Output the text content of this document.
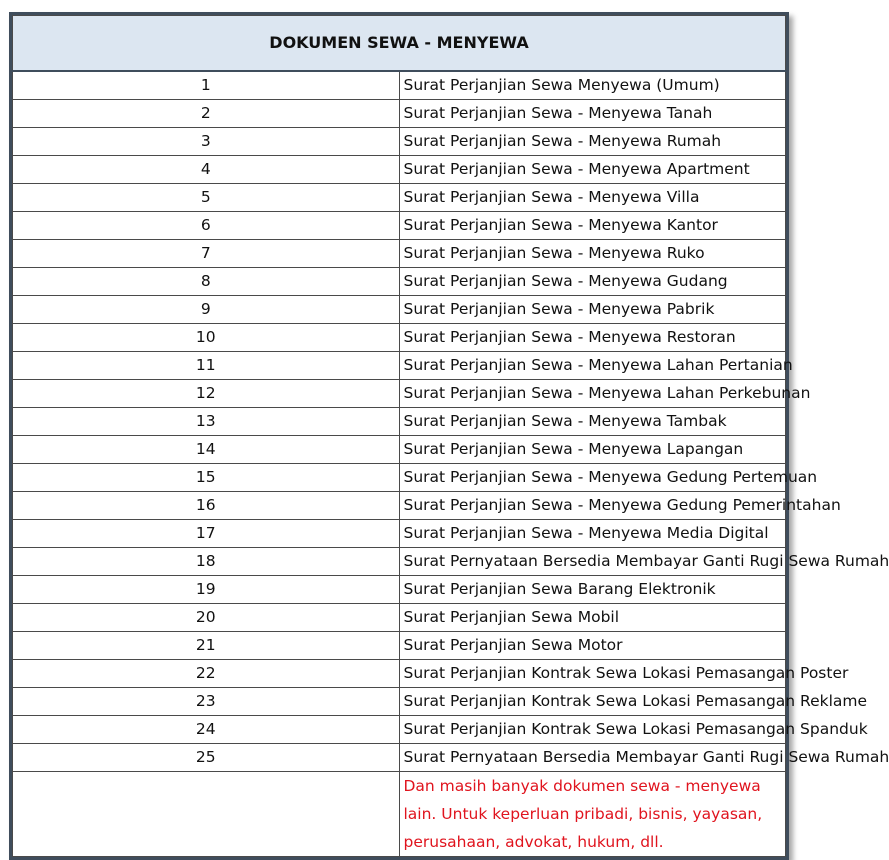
DOKUMEN SEWA - MENYEWA	
1	Surat Perjanjian Sewa Menyewa (Umum)
2	Surat Perjanjian Sewa - Menyewa Tanah
3	Surat Perjanjian Sewa - Menyewa Rumah
4	Surat Perjanjian Sewa - Menyewa Apartment
5	Surat Perjanjian Sewa - Menyewa Villa
6	Surat Perjanjian Sewa - Menyewa Kantor
7	Surat Perjanjian Sewa - Menyewa Ruko
8	Surat Perjanjian Sewa - Menyewa Gudang
9	Surat Perjanjian Sewa - Menyewa Pabrik
10	Surat Perjanjian Sewa - Menyewa Restoran
11	Surat Perjanjian Sewa - Menyewa Lahan Pertanian
12	Surat Perjanjian Sewa - Menyewa Lahan Perkebunan
13	Surat Perjanjian Sewa - Menyewa Tambak
14	Surat Perjanjian Sewa - Menyewa Lapangan
15	Surat Perjanjian Sewa - Menyewa Gedung Pertemuan
16	Surat Perjanjian Sewa - Menyewa Gedung Pemerintahan
17	Surat Perjanjian Sewa - Menyewa Media Digital
18	Surat Pernyataan Bersedia Membayar Ganti Rugi Sewa Rumah
19	Surat Perjanjian Sewa Barang Elektronik
20	Surat Perjanjian Sewa Mobil
21	Surat Perjanjian Sewa Motor
22	Surat Perjanjian Kontrak Sewa Lokasi Pemasangan Poster
23	Surat Perjanjian Kontrak Sewa Lokasi Pemasangan Reklame
24	Surat Perjanjian Kontrak Sewa Lokasi Pemasangan Spanduk
25	Surat Pernyataan Bersedia Membayar Ganti Rugi Sewa Rumah
	Dan masih banyak dokumen sewa - menyewa lain. Untuk keperluan pribadi, bisnis, yayasan, perusahaan, advokat, hukum, dll.
